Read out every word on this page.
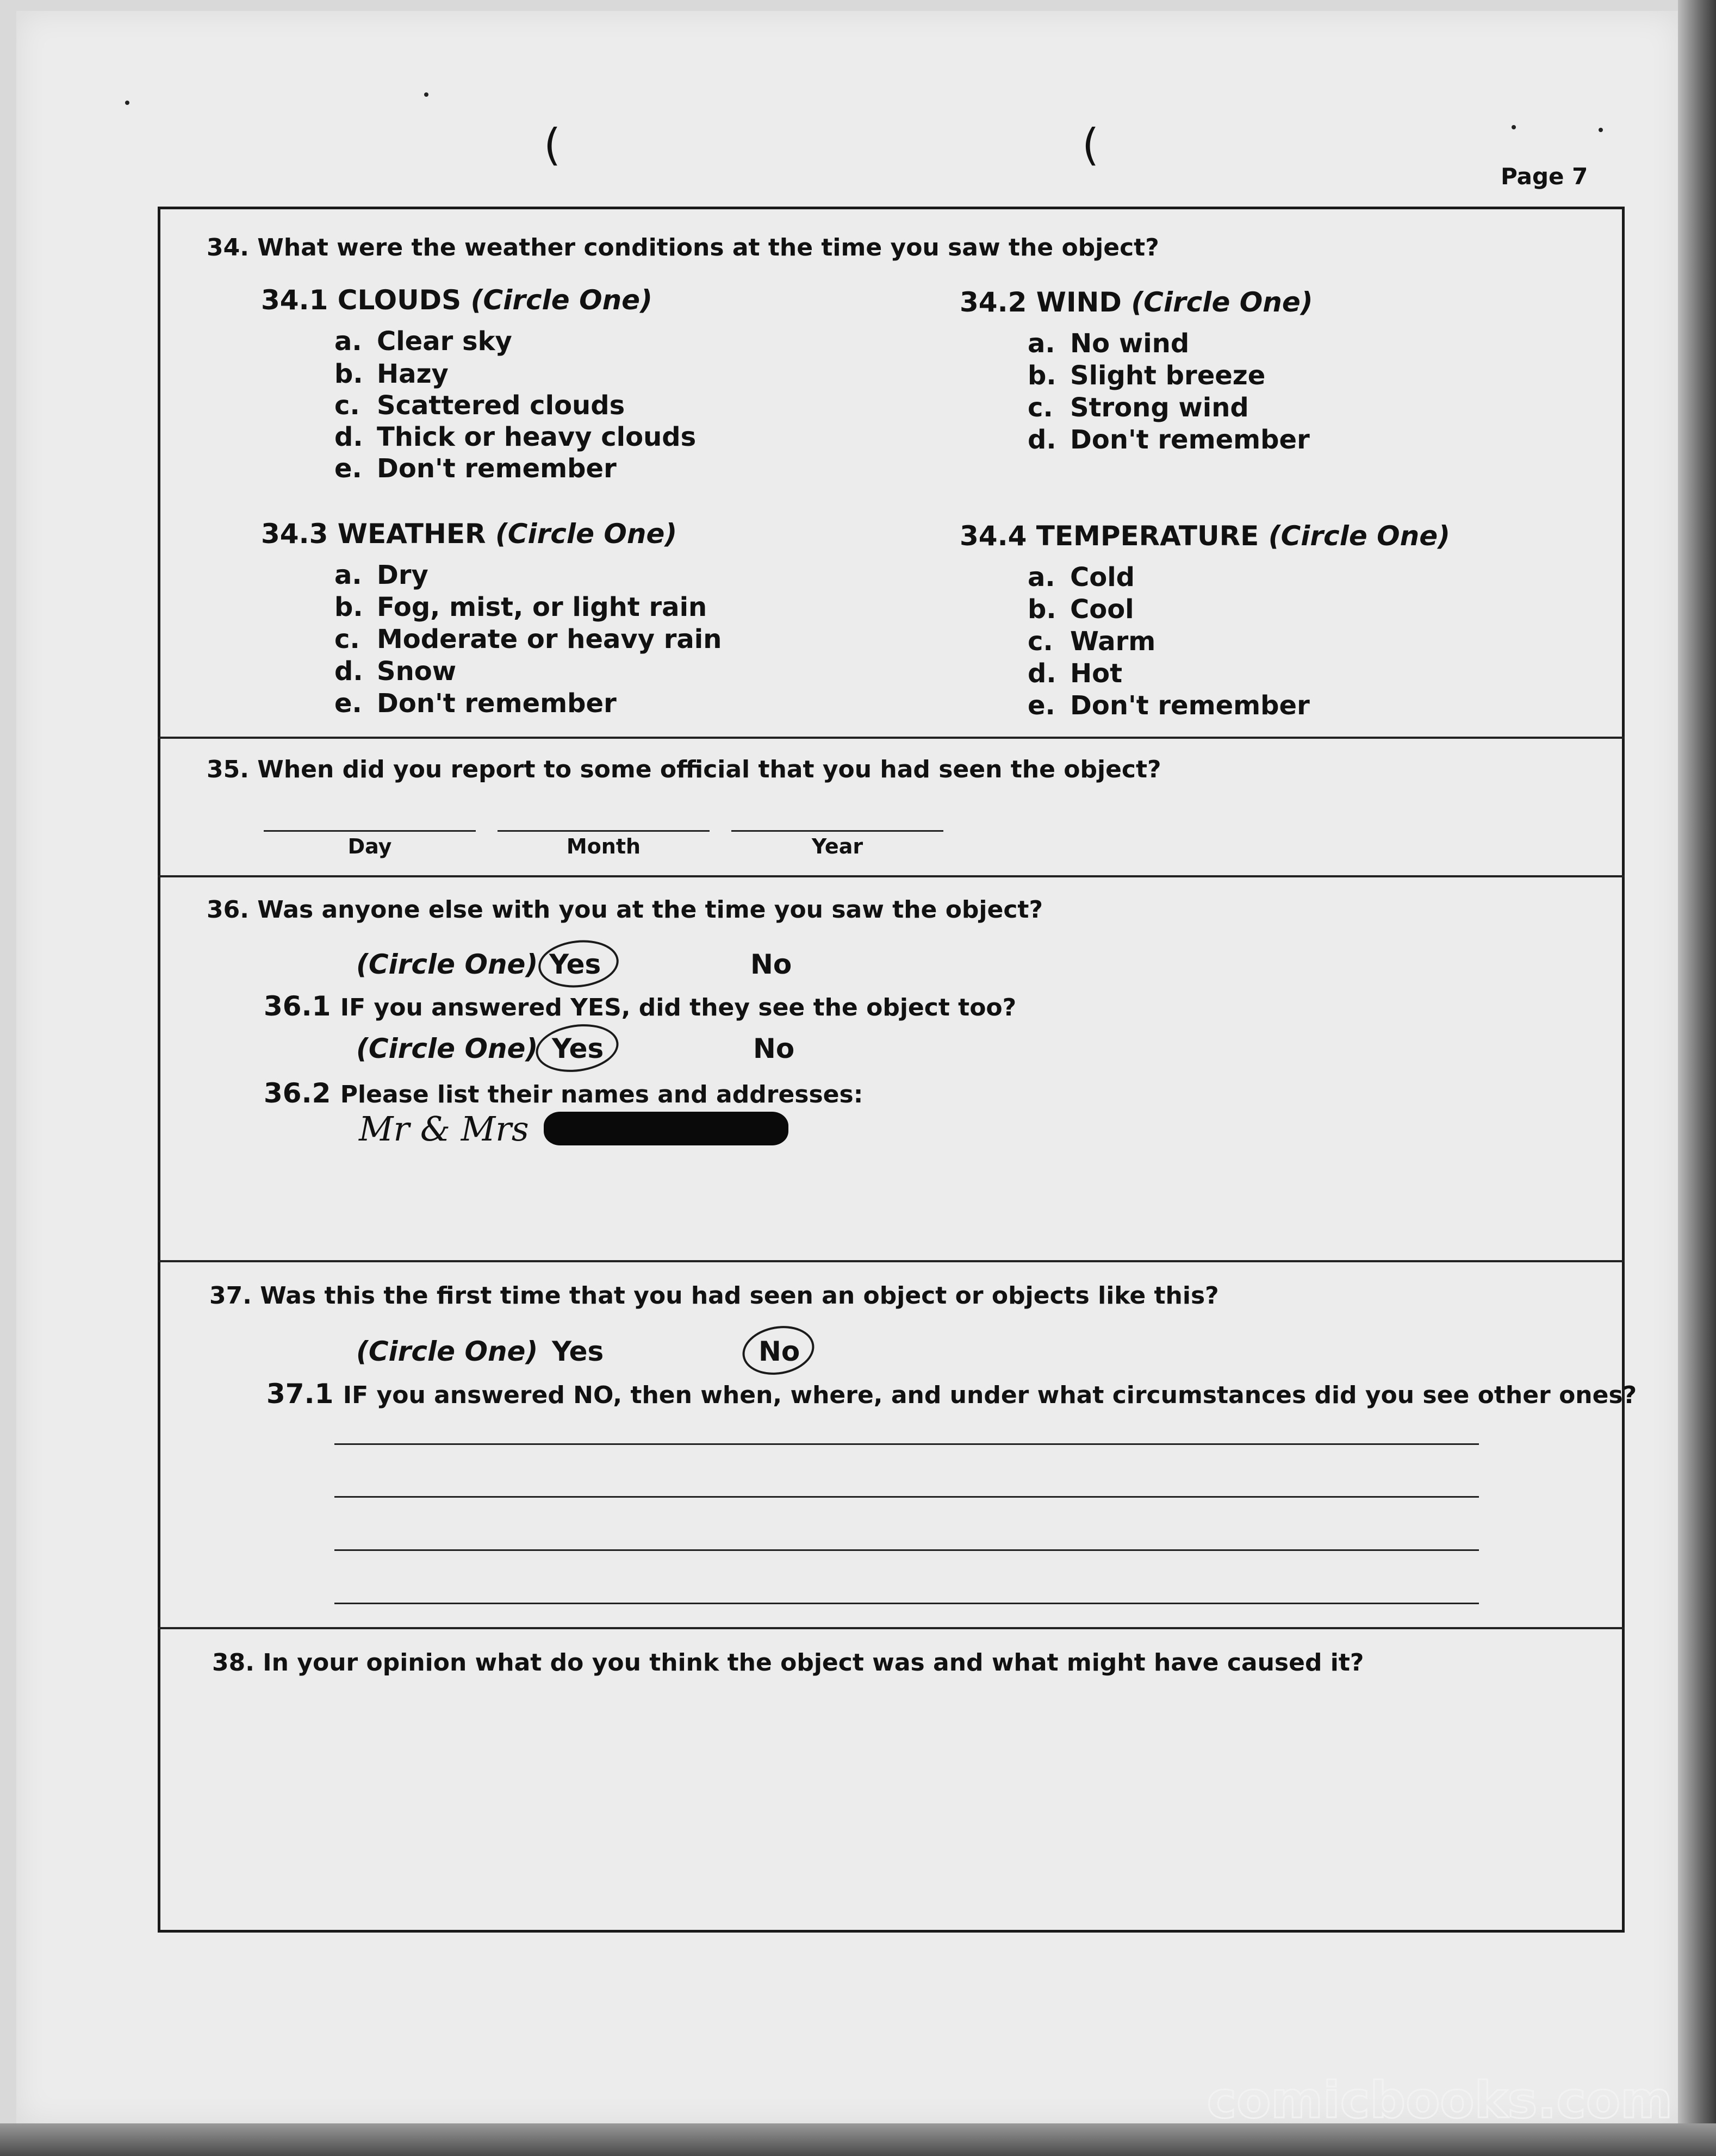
(	(
Page 7
34. What were the weather conditions at the time you saw the object?
34.1 CLOUDS (Circle One)
a. Clear sky
b. Hazy
c. Scattered clouds
d. Thick or heavy clouds
e. Don't remember
34.2 WIND (Circle One)
a. No wind
b. Slight breeze
c. Strong wind
d. Don't remember
34.3 WEATHER (Circle One)
a. Dry
b. Fog, mist, or light rain
c. Moderate or heavy rain
d. Snow
e. Don't remember
34.4 TEMPERATURE (Circle One)
a. Cold
b. Cool
c. Warm
d. Hot
e. Don't remember
35. When did you report to some official that you had seen the object?
Day	Month	Year
36. Was anyone else with you at the time you saw the object?
(Circle One) Yes	No
36.1 IF you answered YES, did they see the object too?
(Circle One) Yes	No
36.2 Please list their names and addresses:
Mr & Mrs
37. Was this the first time that you had seen an object or objects like this?
(Circle One) Yes	No
37.1 IF you answered NO, then when, where, and under what circumstances did you see other ones?
38. In your opinion what do you think the object was and what might have caused it?
comicbooks.com
